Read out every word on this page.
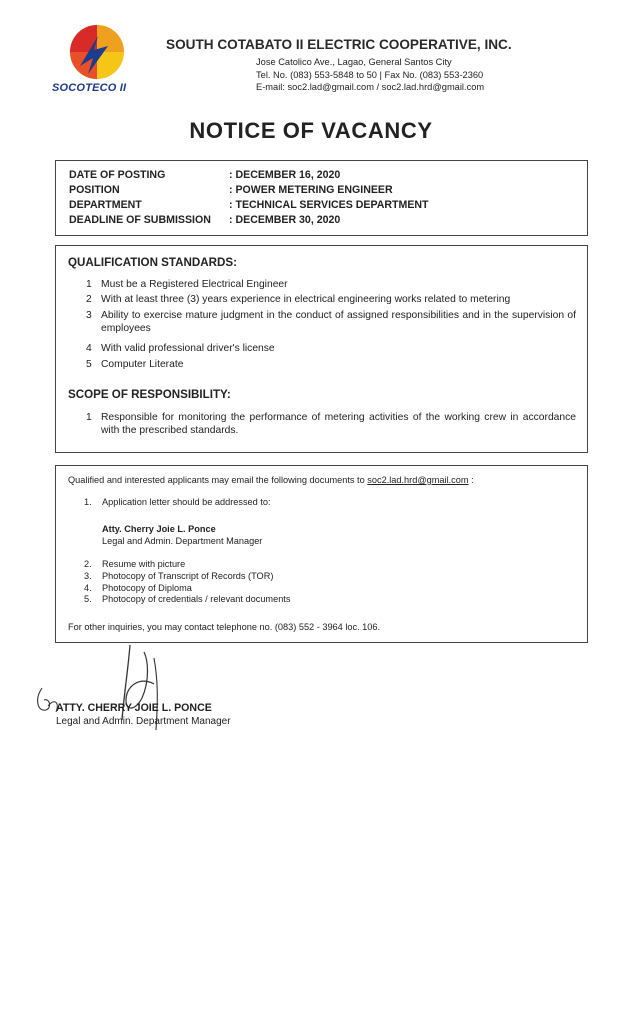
SOCOTECO II
SOUTH COTABATO II ELECTRIC COOPERATIVE, INC.
Jose Catolico Ave., Lagao, General Santos City
Tel. No. (083) 553-5848 to 50 | Fax No. (083) 553-2360
E-mail: soc2.lad@gmail.com / soc2.lad.hrd@gmail.com
NOTICE OF VACANCY
DATE OF POSTING	: DECEMBER 16, 2020
POSITION	: POWER METERING ENGINEER
DEPARTMENT	: TECHNICAL SERVICES DEPARTMENT
DEADLINE OF SUBMISSION : DECEMBER 30, 2020
QUALIFICATION STANDARDS:
1 Must be a Registered Electrical Engineer
2 With at least three (3) years experience in electrical engineering works related to metering
3 Ability to exercise mature judgment in the conduct of assigned responsibilities and in the supervision of employees
4 With valid professional driver's license
5 Computer Literate
SCOPE OF RESPONSIBILITY:
1 Responsible for monitoring the performance of metering activities of the working crew in accordance with the prescribed standards.
Qualified and interested applicants may email the following documents to soc2.lad.hrd@gmail.com :
1. Application letter should be addressed to:
Atty. Cherry Joie L. Ponce
Legal and Admin. Department Manager
2. Resume with picture
3. Photocopy of Transcript of Records (TOR)
4. Photocopy of Diploma
5. Photocopy of credentials / relevant documents
For other inquiries, you may contact telephone no. (083) 552 - 3964 loc. 106.
ATTY. CHERRY JOIE L. PONCE
Legal and Admin. Department Manager
